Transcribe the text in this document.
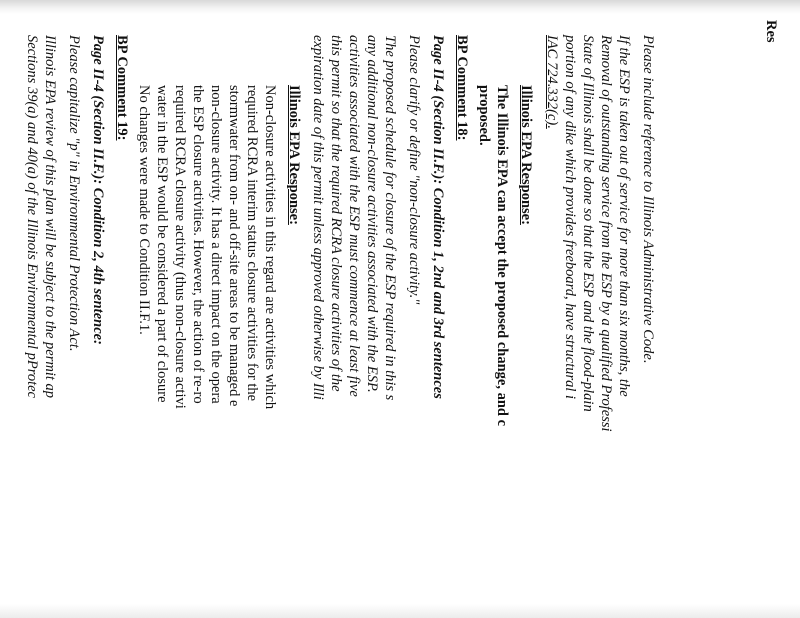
Res
Please include reference to Illinois Administrative Code.
If the ESP is taken out of service for more than six months, the
Removal of outstanding service from the ESP by a qualified Professi
State of Illinois shall be done so that the ESP and the flood-plain
portion of any dike which provides freeboard, have structural i
IAC 724.332(c).
Illinois EPA Response:
The Illinois EPA can accept the proposed change, and c
proposed.
BP Comment 18:
Page II-4 (Section II.F.): Condition 1, 2nd and 3rd sentences
Please clarify or define "non-closure activity."
The proposed schedule for closure of the ESP required in this s
any additional non-closure activities associated with the ESP.
activities associated with the ESP must commence at least five
this permit so that the required RCRA closure activities of the
expiration date of this permit unless approved otherwise by Illi
Illinois EPA Response:
Non-closure activities in this regard are activities which
required RCRA interim status closure activities for the
stormwater from on- and off-site areas to be managed e
non-closure activity. It has a direct impact on the opera
the ESP closure activities. However, the action of re-ro
required RCRA closure activity (thus non-closure activi
water in the ESP would be considered a part of closure
No changes were made to Condition II.F.1.
BP Comment 19:
Page II-4 (Section II.F.): Condition 2, 4th sentence:
Please capitalize "p" in Environmental Protection Act.
Illinois EPA review of this plan will be subject to the permit ap
Sections 39(a) and 40(a) of the Illinois Environmental pProtec
